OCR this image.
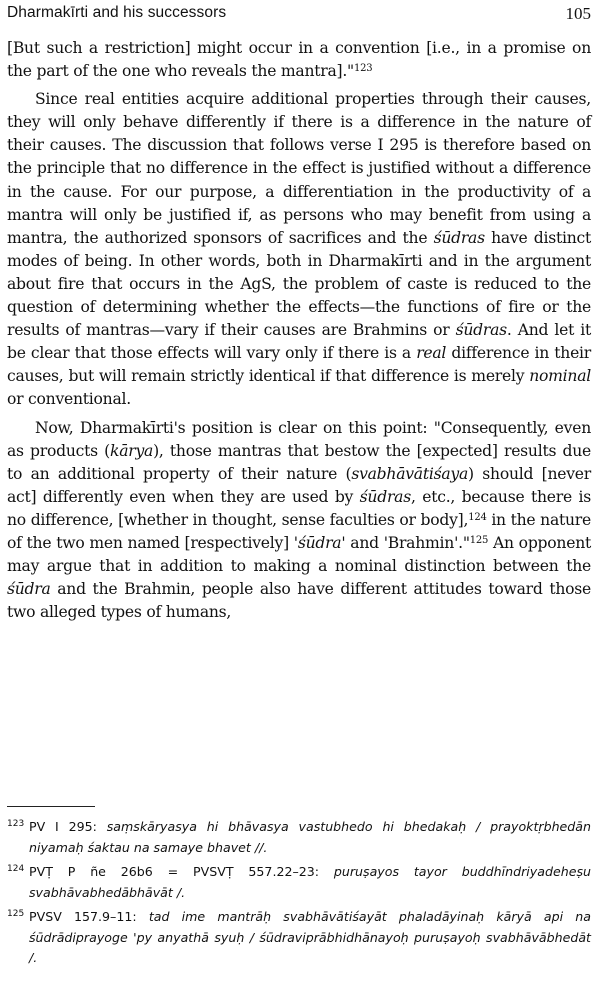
Dharmakīrti and his successors	105

[But such a restriction] might occur in a convention [i.e., in a promise on the part of the one who reveals the mantra]."$^{123}$

Since real entities acquire additional properties through their causes, they will only behave differently if there is a difference in the nature of their causes. The discussion that follows verse I 295 is therefore based on the principle that no difference in the effect is justified without a difference in the cause. For our purpose, a differentiation in the productivity of a mantra will only be justified if, as persons who may benefit from using a mantra, the authorized sponsors of sacrifices and the śūdras have distinct modes of being. In other words, both in Dharmakīrti and in the argument about fire that occurs in the AgS, the problem of caste is reduced to the question of determining whether the effects—the functions of fire or the results of mantras—vary if their causes are Brahmins or śūdras. And let it be clear that those effects will vary only if there is a real difference in their causes, but will remain strictly identical if that difference is merely nominal or conventional.

Now, Dharmakīrti's position is clear on this point: "Consequently, even as products (kārya), those mantras that bestow the [expected] results due to an additional property of their nature (svabhāvātiśaya) should [never act] differently even when they are used by śūdras, etc., because there is no difference, [whether in thought, sense faculties or body],$^{124}$ in the nature of the two men named [respectively] 'śūdra' and 'Brahmin'."$^{125}$ An opponent may argue that in addition to making a nominal distinction between the śūdra and the Brahmin, people also have different attitudes toward those two alleged types of humans,

123 PV I 295: saṃskāryasya hi bhāvasya vastubhedo hi bhedakaḥ / prayoktṛbhedān niyamaḥ śaktau na samaye bhavet //.
124 PVṬ P ñe 26b6 = PVSVṬ 557.22–23: puruṣayos tayor buddhīndriyadeheṣu svabhāvabhedābhāvāt /.
125 PVSV 157.9–11: tad ime mantrāḥ svabhāvātiśayāt phaladāyinaḥ kāryā api na śūdrādiprayoge 'py anyathā syuḥ / śūdraviprābhidhānayoḥ puruṣayoḥ svabhāvābhedāt /.
